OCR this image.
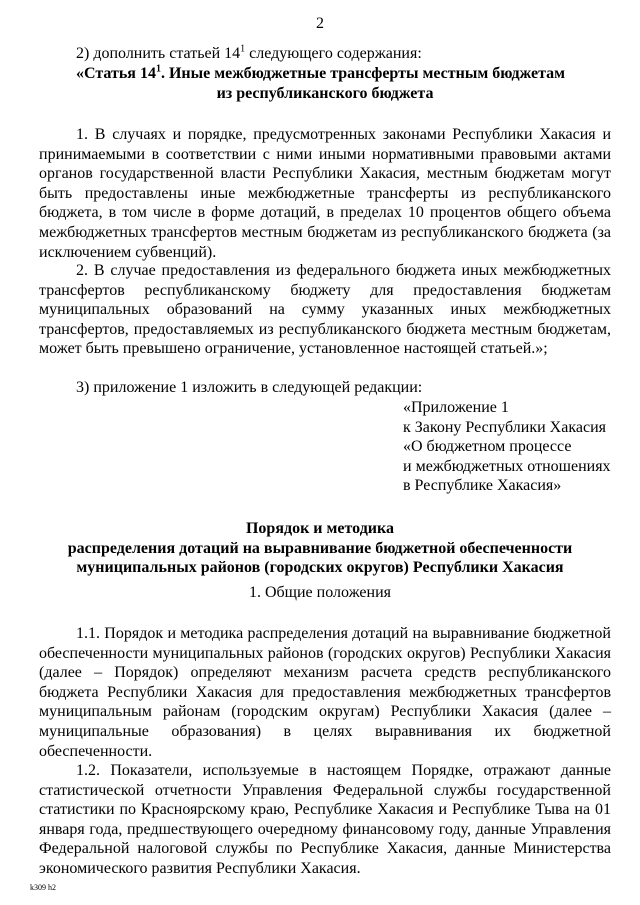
2
2) дополнить статьей $14^1$ следующего содержания:
«Статья $14^1$. Иные межбюджетные трансферты местным бюджетам
из республиканского бюджета
1. В случаях и порядке, предусмотренных законами Республики Хакасия и принимаемыми в соответствии с ними иными нормативными правовыми актами органов государственной власти Республики Хакасия, местным бюджетам могут быть предоставлены иные межбюджетные трансферты из республиканского бюджета, в том числе в форме дотаций, в пределах 10 процентов общего объема межбюджетных трансфертов местным бюджетам из республиканского бюджета (за исключением субвенций).
2. В случае предоставления из федерального бюджета иных межбюджетных трансфертов республиканскому бюджету для предоставления бюджетам муниципальных образований на сумму указанных иных межбюджетных трансфертов, предоставляемых из республиканского бюджета местным бюджетам, может быть превышено ограничение, установленное настоящей статьей.»;
3) приложение 1 изложить в следующей редакции:
«Приложение 1
к Закону Республики Хакасия
«О бюджетном процессе
и межбюджетных отношениях
в Республике Хакасия»
Порядок и методика
распределения дотаций на выравнивание бюджетной обеспеченности
муниципальных районов (городских округов) Республики Хакасия
1. Общие положения
1.1. Порядок и методика распределения дотаций на выравнивание бюджетной обеспеченности муниципальных районов (городских округов) Республики Хакасия (далее – Порядок) определяют механизм расчета средств республиканского бюджета Республики Хакасия для предоставления межбюджетных трансфертов муниципальным районам (городским округам) Республики Хакасия (далее – муниципальные образования) в целях выравнивания их бюджетной обеспеченности.
1.2. Показатели, используемые в настоящем Порядке, отражают данные статистической отчетности Управления Федеральной службы государственной статистики по Красноярскому краю, Республике Хакасия и Республике Тыва на 01 января года, предшествующего очередному финансовому году, данные Управления Федеральной налоговой службы по Республике Хакасия, данные Министерства экономического развития Республики Хакасия.
k309 h2
